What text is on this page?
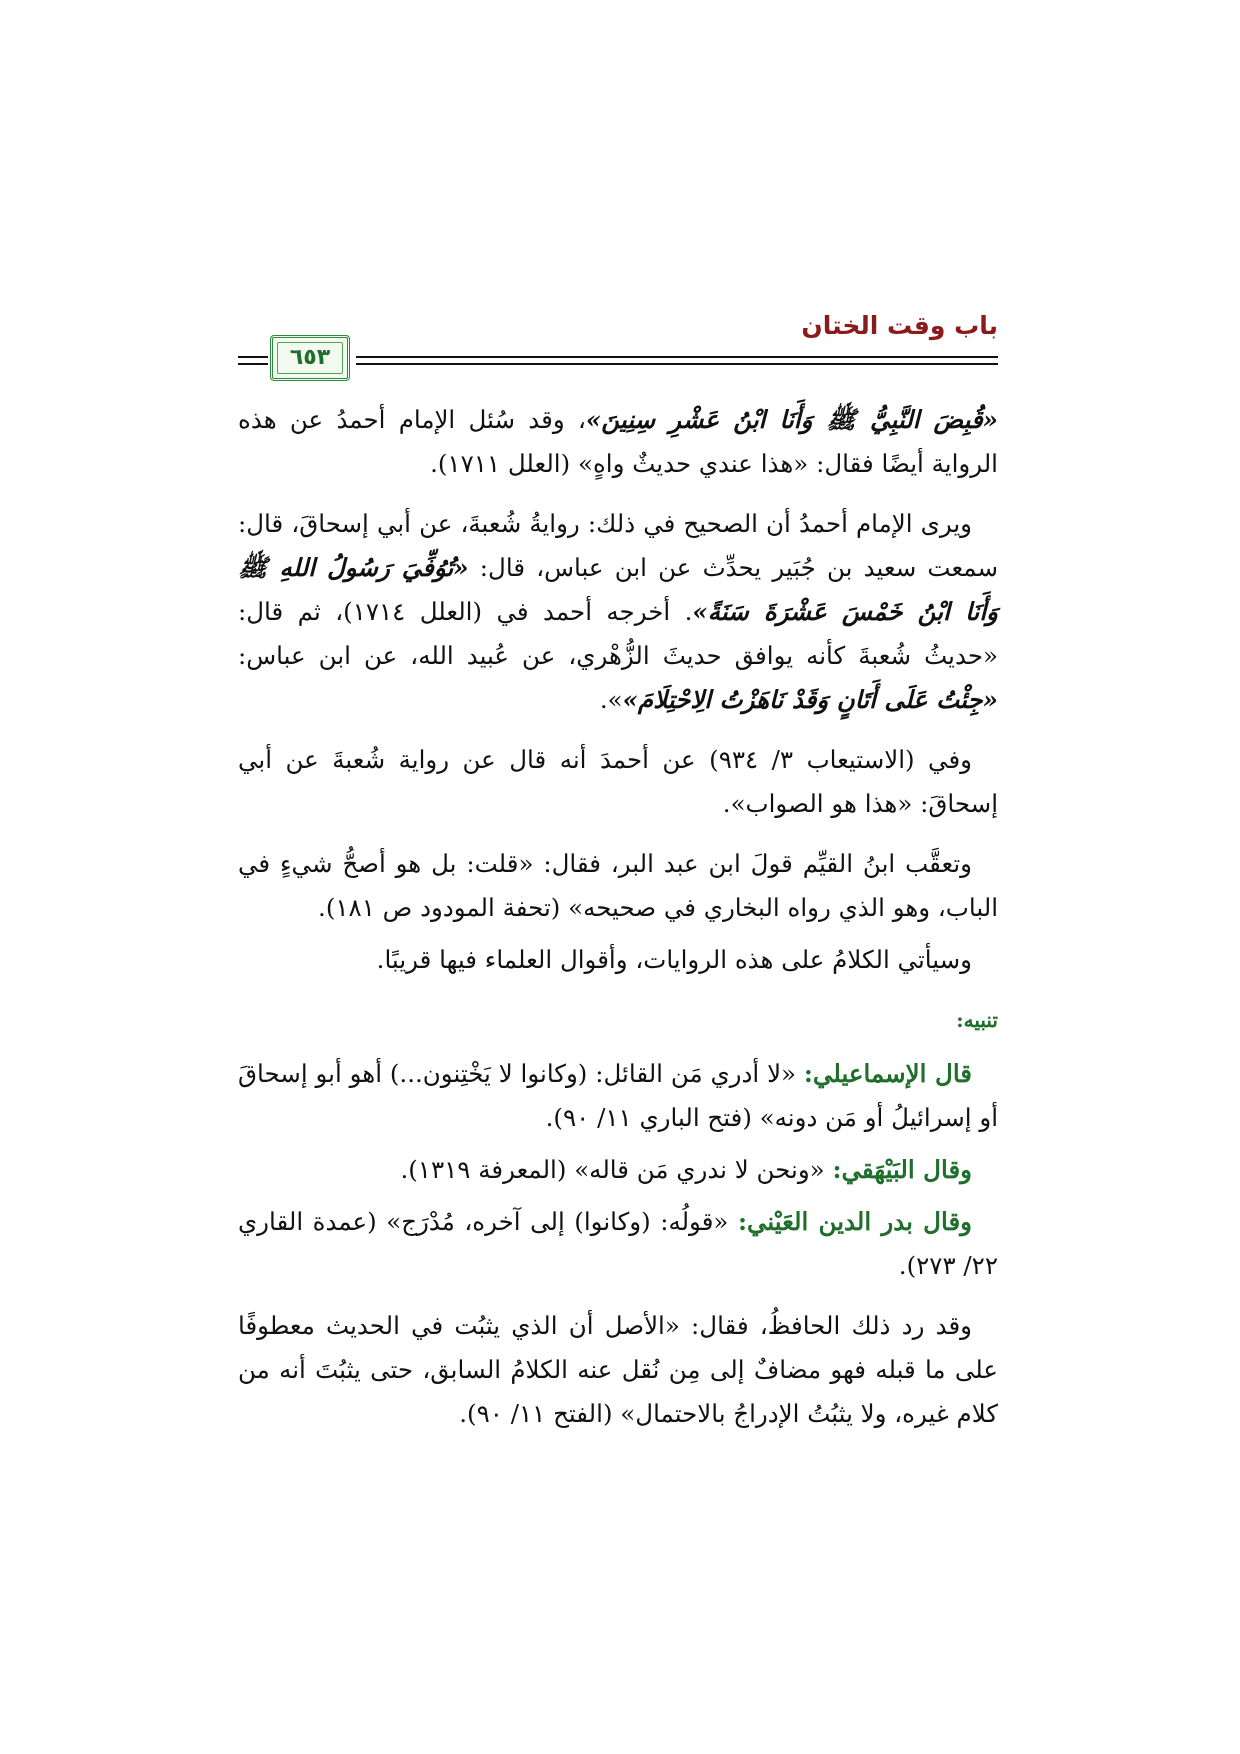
باب وقت الختان
٦٥٣

«قُبِضَ النَّبِيُّ ﷺ وَأَنَا ابْنُ عَشْرِ سِنِينَ»، وقد سُئل الإمام أحمدُ عن هذه الرواية أيضًا فقال: «هذا عندي حديثٌ واهٍ» (العلل ١٧١١).

ويرى الإمام أحمدُ أن الصحيح في ذلك: روايةُ شُعبةَ، عن أبي إسحاقَ، قال: سمعت سعيد بن جُبَير يحدِّث عن ابن عباس، قال: «تُوُفِّيَ رَسُولُ اللهِ ﷺ وَأَنَا ابْنُ خَمْسَ عَشْرَةَ سَنَةً». أخرجه أحمد في (العلل ١٧١٤)، ثم قال: «حديثُ شُعبةَ كأنه يوافق حديثَ الزُّهْري، عن عُبيد الله، عن ابن عباس: «جِئْتُ عَلَى أَتَانٍ وَقَدْ نَاهَزْتُ الِاحْتِلَامَ»».

وفي (الاستيعاب ٣/ ٩٣٤) عن أحمدَ أنه قال عن رواية شُعبةَ عن أبي إسحاقَ: «هذا هو الصواب».

وتعقَّب ابنُ القيِّم قولَ ابن عبد البر، فقال: «قلت: بل هو أصحُّ شيءٍ في الباب، وهو الذي رواه البخاري في صحيحه» (تحفة المودود ص ١٨١).

وسيأتي الكلامُ على هذه الروايات، وأقوال العلماء فيها قريبًا.

تنبيه:

قال الإسماعيلي: «لا أدري مَن القائل: (وكانوا لا يَخْتِنون...) أهو أبو إسحاقَ أو إسرائيلُ أو مَن دونه» (فتح الباري ١١/ ٩٠).

وقال البَيْهَقي: «ونحن لا ندري مَن قاله» (المعرفة ١٣١٩).

وقال بدر الدين العَيْني: «قولُه: (وكانوا) إلى آخره، مُدْرَج» (عمدة القاري ٢٢/ ٢٧٣).

وقد رد ذلك الحافظُ، فقال: «الأصل أن الذي يثبُت في الحديث معطوفًا على ما قبله فهو مضافٌ إلى مِن نُقل عنه الكلامُ السابق، حتى يثبُتَ أنه من كلام غيره، ولا يثبُتُ الإدراجُ بالاحتمال» (الفتح ١١/ ٩٠).
